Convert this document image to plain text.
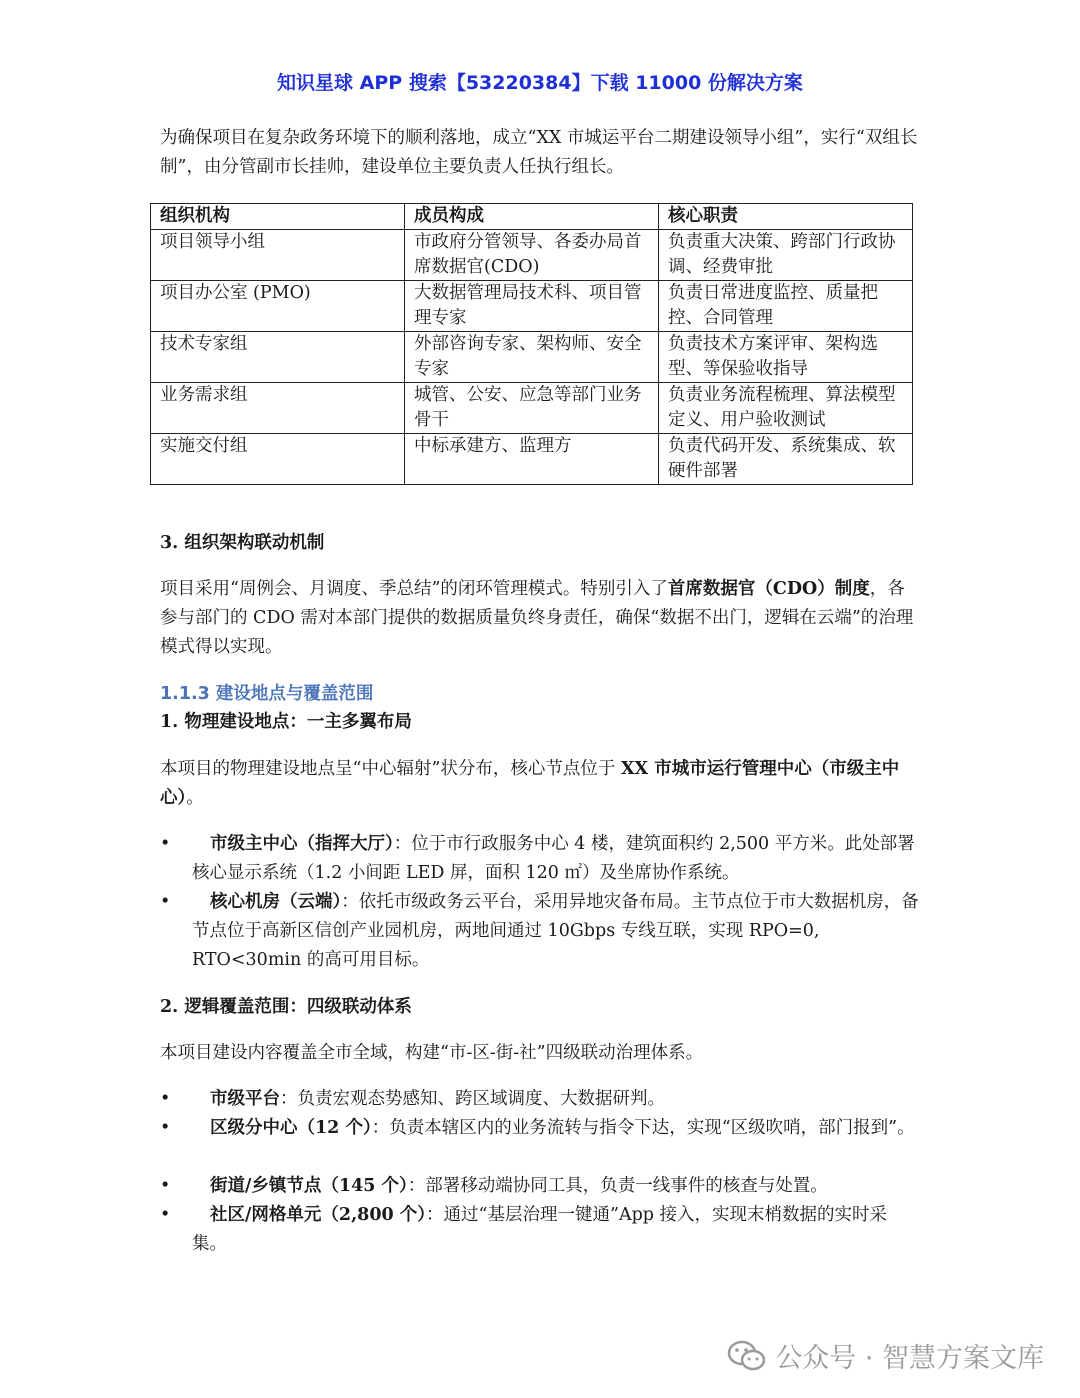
知识星球 APP 搜索【53220384】下载 11000 份解决方案

为确保项目在复杂政务环境下的顺利落地，成立“XX 市城运平台二期建设领导小组”，实行“双组长制”，由分管副市长挂帅，建设单位主要负责人任执行组长。

组织机构	成员构成	核心职责
项目领导小组	市政府分管领导、各委办局首席数据官(CDO)	负责重大决策、跨部门行政协调、经费审批
项目办公室 (PMO)	大数据管理局技术科、项目管理专家	负责日常进度监控、质量把控、合同管理
技术专家组	外部咨询专家、架构师、安全专家	负责技术方案评审、架构选型、等保验收指导
业务需求组	城管、公安、应急等部门业务骨干	负责业务流程梳理、算法模型定义、用户验收测试
实施交付组	中标承建方、监理方	负责代码开发、系统集成、软硬件部署
3. 组织架构联动机制

项目采用“周例会、月调度、季总结”的闭环管理模式。特别引入了首席数据官（CDO）制度，各参与部门的 CDO 需对本部门提供的数据质量负终身责任，确保“数据不出门，逻辑在云端”的治理模式得以实现。

1.1.3 建设地点与覆盖范围
1. 物理建设地点：一主多翼布局

本项目的物理建设地点呈“中心辐射”状分布，核心节点位于 XX 市城市运行管理中心（市级主中心）。

•	市级主中心（指挥大厅）：位于市行政服务中心 4 楼，建筑面积约 2,500 平方米。此处部署核心显示系统（1.2 小间距 LED 屏，面积 120 ㎡）及坐席协作系统。
•	核心机房（云端）：依托市级政务云平台，采用异地灾备布局。主节点位于市大数据机房，备节点位于高新区信创产业园机房，两地间通过 10Gbps 专线互联，实现 RPO=0, RTO<30min 的高可用目标。
2. 逻辑覆盖范围：四级联动体系

本项目建设内容覆盖全市全域，构建“市-区-街-社”四级联动治理体系。

•	市级平台：负责宏观态势感知、跨区域调度、大数据研判。
•	区级分中心（12 个）：负责本辖区内的业务流转与指令下达，实现“区级吹哨，部门报到”。
•	街道/乡镇节点（145 个）：部署移动端协同工具，负责一线事件的核查与处置。
•	社区/网格单元（2,800 个）：通过“基层治理一键通”App 接入，实现末梢数据的实时采集。
公众号 · 智慧方案文库
